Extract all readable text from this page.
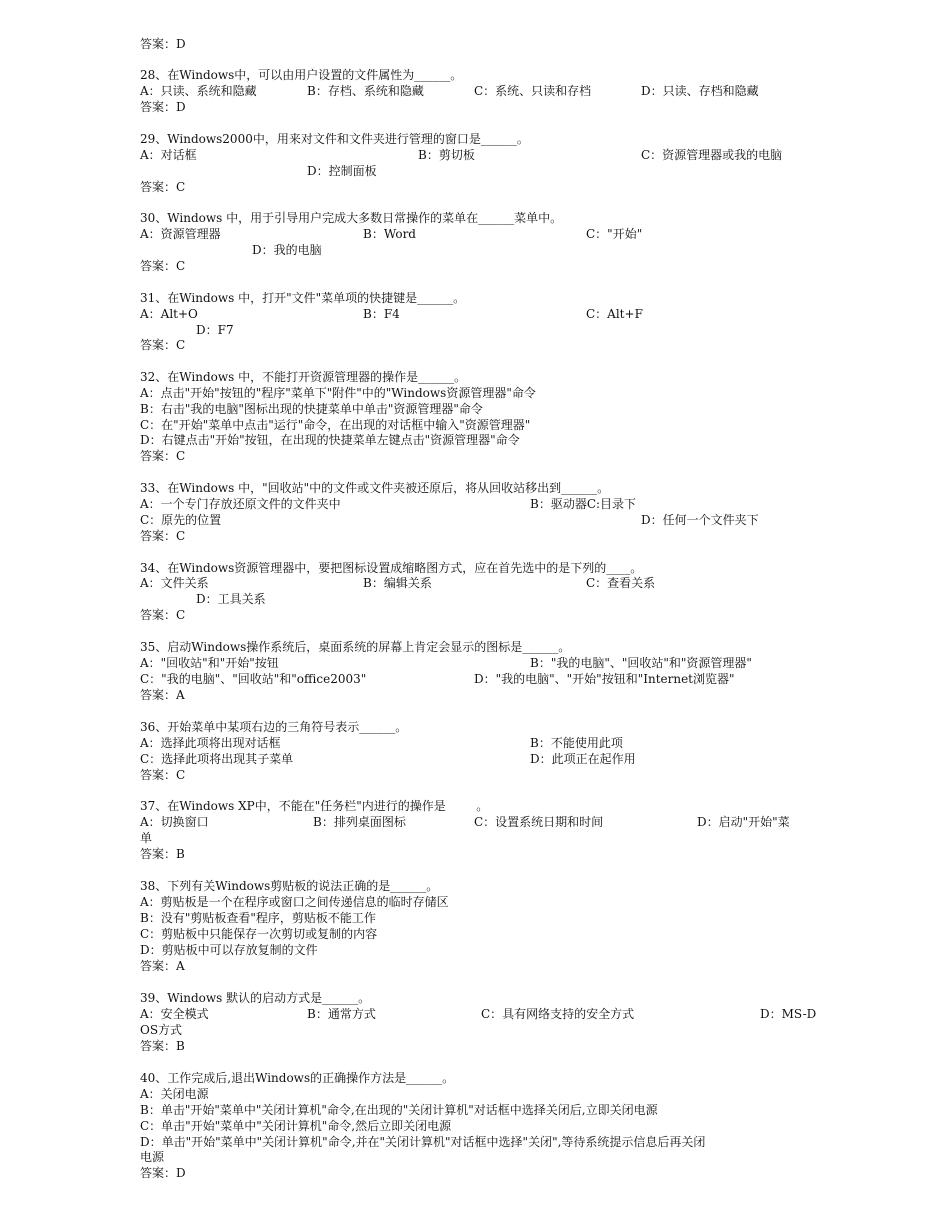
答案：D
28、在Windows中，可以由用户设置的文件属性为______。
A：只读、系统和隐藏	B：存档、系统和隐藏	C：系统、只读和存档	D：只读、存档和隐藏
答案：D
29、Windows2000中，用来对文件和文件夹进行管理的窗口是______。
A：对话框	B：剪切板	C：资源管理器或我的电脑
D：控制面板
答案：C
30、Windows 中，用于引导用户完成大多数日常操作的菜单在______菜单中。
A：资源管理器	B：Word	C："开始"
D：我的电脑
答案：C
31、在Windows 中，打开"文件"菜单项的快捷键是______。
A：Alt+O	B：F4	C：Alt+F
D：F7
答案：C
32、在Windows 中，不能打开资源管理器的操作是______。
A：点击"开始"按钮的"程序"菜单下"附件"中的"Windows资源管理器"命令
B：右击"我的电脑"图标出现的快捷菜单中单击"资源管理器"命令
C：在"开始"菜单中点击"运行"命令，在出现的对话框中输入"资源管理器"
D：右键点击"开始"按钮，在出现的快捷菜单左键点击"资源管理器"命令
答案：C
33、在Windows 中，"回收站"中的文件或文件夹被还原后，将从回收站移出到______。
A：一个专门存放还原文件的文件夹中	B：驱动器C:目录下
C：原先的位置	D：任何一个文件夹下
答案：C
34、在Windows资源管理器中，要把图标设置成缩略图方式，应在首先选中的是下列的____。
A：文件关系	B：编辑关系	C：查看关系
D：工具关系
答案：C
35、启动Windows操作系统后，桌面系统的屏幕上肯定会显示的图标是______。
A："回收站"和"开始"按钮	B："我的电脑"、"回收站"和"资源管理器"
C："我的电脑"、"回收站"和"office2003"	D："我的电脑"、"开始"按钮和"Internet浏览器"
答案：A
36、开始菜单中某项右边的三角符号表示______。
A：选择此项将出现对话框	B：不能使用此项
C：选择此项将出现其子菜单	D：此项正在起作用
答案：C
37、在Windows XP中，不能在"任务栏"内进行的操作是        。
A：切换窗口	B：排列桌面图标	C：设置系统日期和时间	D：启动"开始"菜
单
答案：B
38、下列有关Windows剪贴板的说法正确的是______。
A：剪贴板是一个在程序或窗口之间传递信息的临时存储区
B：没有"剪贴板查看"程序，剪贴板不能工作
C：剪贴板中只能保存一次剪切或复制的内容
D：剪贴板中可以存放复制的文件
答案：A
39、Windows 默认的启动方式是______。
A：安全模式	B：通常方式	C：具有网络支持的安全方式	D：MS-D
OS方式
答案：B
40、工作完成后,退出Windows的正确操作方法是______。
A：关闭电源
B：单击"开始"菜单中"关闭计算机"命令,在出现的"关闭计算机"对话框中选择关闭后,立即关闭电源
C：单击"开始"菜单中"关闭计算机"命令,然后立即关闭电源
D：单击"开始"菜单中"关闭计算机"命令,并在"关闭计算机"对话框中选择"关闭",等待系统提示信息后再关闭
电源
答案：D
